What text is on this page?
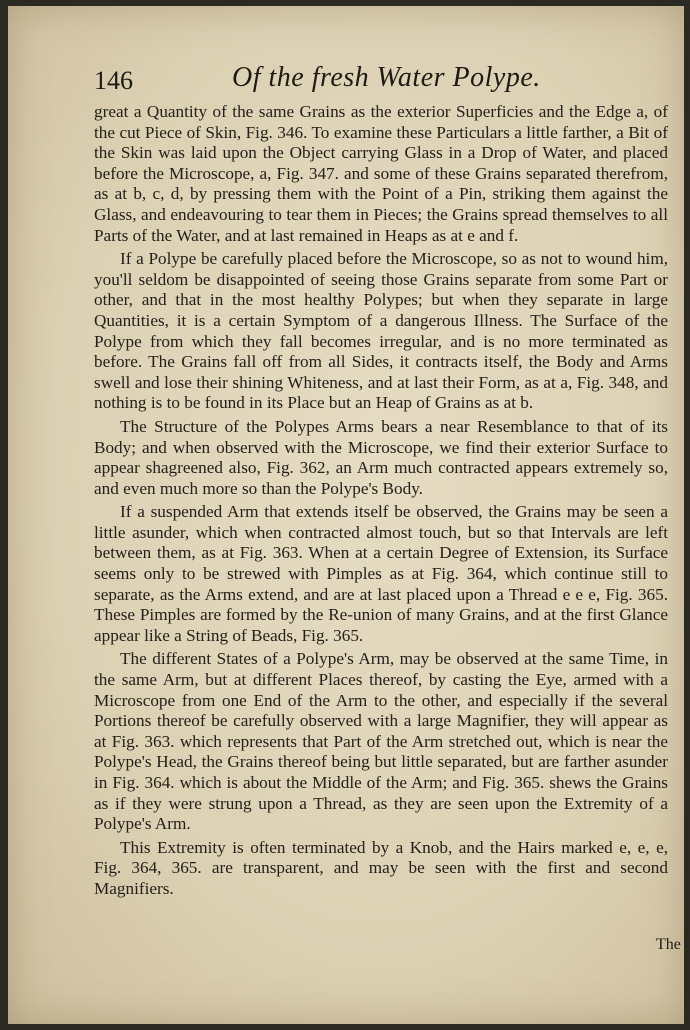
146	Of the fresh Water Polype.

great a Quantity of the same Grains as the exterior Superficies and the Edge a, of the cut Piece of Skin, Fig. 346. To examine these Particulars a little farther, a Bit of the Skin was laid upon the Object carrying Glass in a Drop of Water, and placed before the Microscope, a, Fig. 347. and some of these Grains separated therefrom, as at b, c, d, by pressing them with the Point of a Pin, striking them against the Glass, and endeavouring to tear them in Pieces; the Grains spread themselves to all Parts of the Water, and at last remained in Heaps as at e and f.

If a Polype be carefully placed before the Microscope, so as not to wound him, you'll seldom be disappointed of seeing those Grains separate from some Part or other, and that in the most healthy Polypes; but when they separate in large Quantities, it is a certain Symptom of a dangerous Illness. The Surface of the Polype from which they fall becomes irregular, and is no more terminated as before. The Grains fall off from all Sides, it contracts itself, the Body and Arms swell and lose their shining Whiteness, and at last their Form, as at a, Fig. 348, and nothing is to be found in its Place but an Heap of Grains as at b.

The Structure of the Polypes Arms bears a near Resemblance to that of its Body; and when observed with the Microscope, we find their exterior Surface to appear shagreened also, Fig. 362, an Arm much contracted appears extremely so, and even much more so than the Polype's Body.

If a suspended Arm that extends itself be observed, the Grains may be seen a little asunder, which when contracted almost touch, but so that Intervals are left between them, as at Fig. 363. When at a certain Degree of Extension, its Surface seems only to be strewed with Pimples as at Fig. 364, which continue still to separate, as the Arms extend, and are at last placed upon a Thread e e e, Fig. 365. These Pimples are formed by the Re-union of many Grains, and at the first Glance appear like a String of Beads, Fig. 365.

The different States of a Polype's Arm, may be observed at the same Time, in the same Arm, but at different Places thereof, by casting the Eye, armed with a Microscope from one End of the Arm to the other, and especially if the several Portions thereof be carefully observed with a large Magnifier, they will appear as at Fig. 363. which represents that Part of the Arm stretched out, which is near the Polype's Head, the Grains thereof being but little separated, but are farther asunder in Fig. 364. which is about the Middle of the Arm; and Fig. 365. shews the Grains as if they were strung upon a Thread, as they are seen upon the Extremity of a Polype's Arm.

This Extremity is often terminated by a Knob, and the Hairs marked e, e, e, Fig. 364, 365. are transparent, and may be seen with the first and second Magnifiers.

The
